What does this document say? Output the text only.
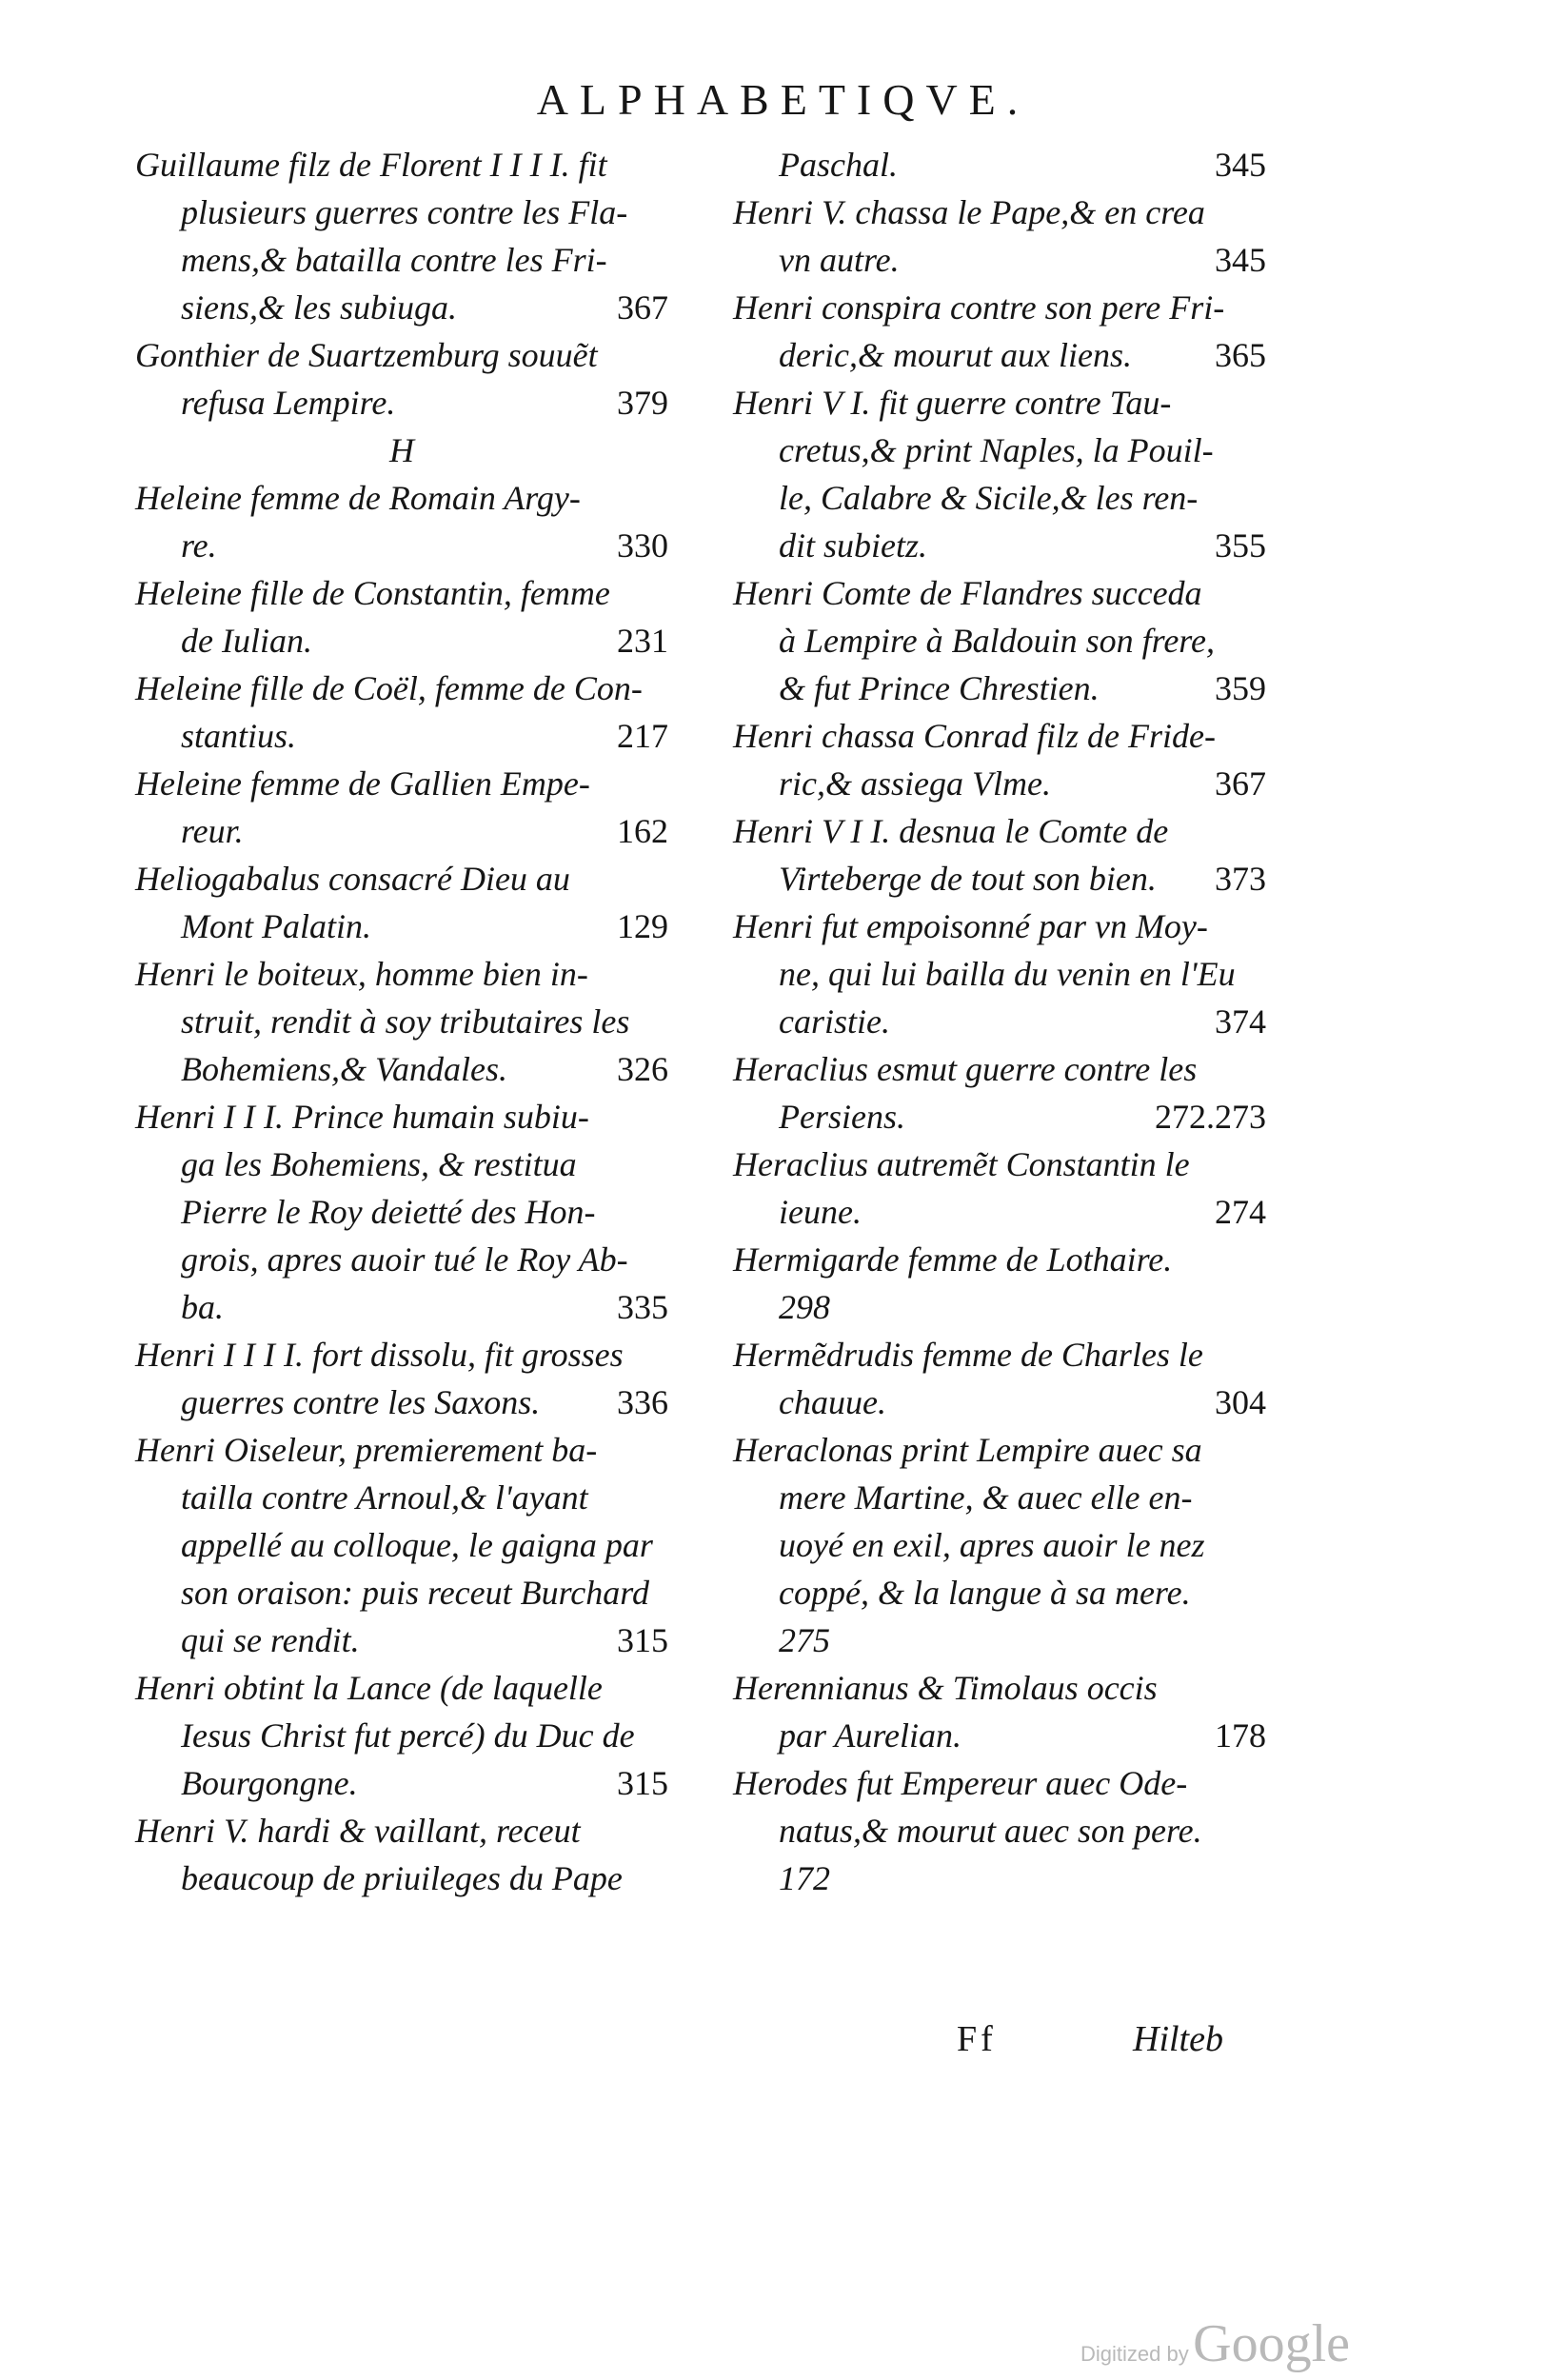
ALPHABETIQVE.
Guillaume filz de Florent I I I I. fit
plusieurs guerres contre les Fla-
mens,& batailla contre les Fri-
siens,& les subiuga.	367
Gonthier de Suartzemburg souuẽt
refusa Lempire.	379
H
Heleine femme de Romain Argy-
re.	330
Heleine fille de Constantin, femme
de Iulian.	231
Heleine fille de Coël, femme de Con-
stantius.	217
Heleine femme de Gallien Empe-
reur.	162
Heliogabalus consacré Dieu au
Mont Palatin.	129
Henri le boiteux, homme bien in-
struit, rendit à soy tributaires les
Bohemiens,& Vandales.	326
Henri I I I. Prince humain subiu-
ga les Bohemiens, & restitua
Pierre le Roy deietté des Hon-
grois, apres auoir tué le Roy Ab-
ba.	335
Henri I I I I. fort dissolu, fit grosses
guerres contre les Saxons. 336
Henri Oiseleur, premierement ba-
tailla contre Arnoul,& l'ayant
appellé au colloque, le gaigna par
son oraison: puis receut Burchard
qui se rendit.	315
Henri obtint la Lance (de laquelle
Iesus Christ fut percé) du Duc de
Bourgongne.	315
Henri V. hardi & vaillant, receut
beaucoup de priuileges du Pape
Paschal.	345
Henri V. chassa le Pape,& en crea
vn autre.	345
Henri conspira contre son pere Fri-
deric,& mourut aux liens. 365
Henri V I. fit guerre contre Tau-
cretus,& print Naples, la Pouil-
le, Calabre & Sicile,& les ren-
dit subietz.	355
Henri Comte de Flandres succeda
à Lempire à Baldouin son frere,
& fut Prince Chrestien.	359
Henri chassa Conrad filz de Fride-
ric,& assiega Vlme.	367
Henri V I I. desnua le Comte de
Virteberge de tout son bien. 373
Henri fut empoisonné par vn Moy-
ne, qui lui bailla du venin en l'Eu
caristie.	374
Heraclius esmut guerre contre les
Persiens.	272.273
Heraclius autremẽt Constantin le
ieune.	274
Hermigarde femme de Lothaire.
298
Hermẽdrudis femme de Charles le
chauue.	304
Heraclonas print Lempire auec sa
mere Martine, & auec elle en-
uoyé en exil, apres auoir le nez
coppé, & la langue à sa mere.
275
Herennianus & Timolaus occis
par Aurelian.	178
Herodes fut Empereur auec Ode-
natus,& mourut auec son pere.
172
Ff	Hilteb
Digitized by Google
